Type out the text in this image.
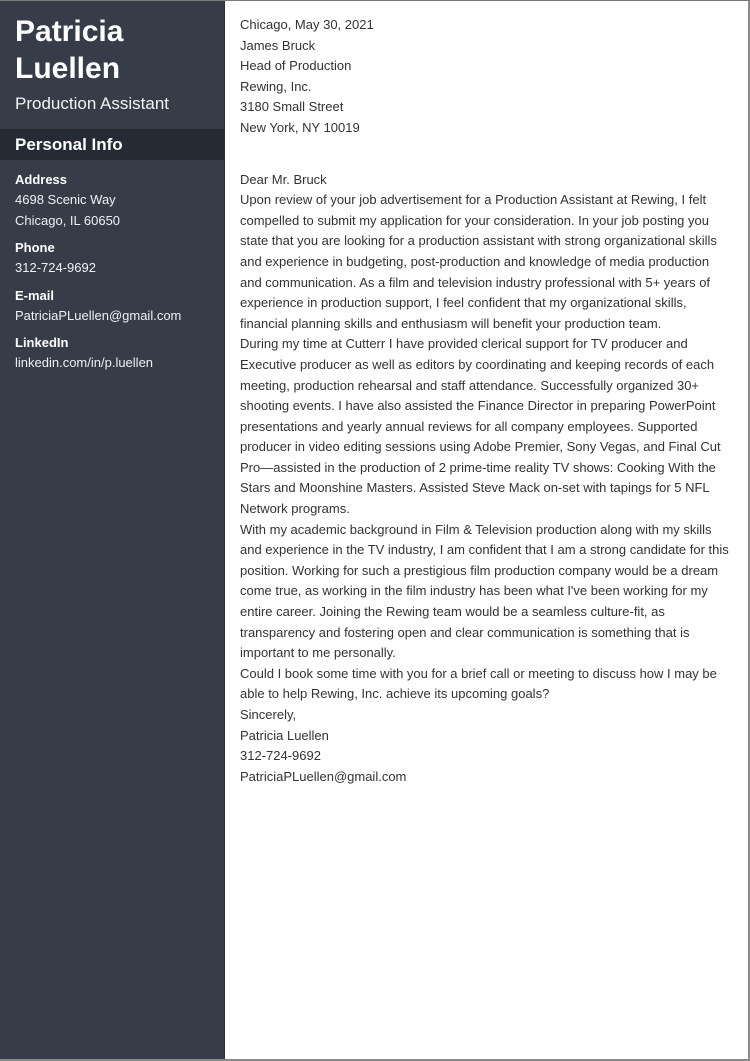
Patricia
Luellen
Production Assistant
Personal Info
Address
4698 Scenic Way
Chicago, IL 60650
Phone
312-724-9692
E-mail
PatriciaPLuellen@gmail.com
LinkedIn
linkedin.com/in/p.luellen

Chicago, May 30, 2021

James Bruck

Head of Production

Rewing, Inc.

3180 Small Street

New York, NY 10019

Dear Mr. Bruck

Upon review of your job advertisement for a Production Assistant at Rewing, I felt compelled to submit my application for your consideration. In your job posting you state that you are looking for a production assistant with strong organizational skills and experience in budgeting, post-production and knowledge of media production and communication. As a film and television industry professional with 5+ years of experience in production support, I feel confident that my organizational skills, financial planning skills and enthusiasm will benefit your production team.

During my time at Cutterr I have provided clerical support for TV producer and Executive producer as well as editors by coordinating and keeping records of each meeting, production rehearsal and staff attendance. Successfully organized 30+ shooting events. I have also assisted the Finance Director in preparing PowerPoint presentations and yearly annual reviews for all company employees. Supported producer in video editing sessions using Adobe Premier, Sony Vegas, and Final Cut Pro—assisted in the production of 2 prime-time reality TV shows: Cooking With the Stars and Moonshine Masters. Assisted Steve Mack on-set with tapings for 5 NFL Network programs.

With my academic background in Film & Television production along with my skills and experience in the TV industry, I am confident that I am a strong candidate for this position. Working for such a prestigious film production company would be a dream come true, as working in the film industry has been what I've been working for my entire career. Joining the Rewing team would be a seamless culture-fit, as transparency and fostering open and clear communication is something that is important to me personally.

Could I book some time with you for a brief call or meeting to discuss how I may be able to help Rewing, Inc. achieve its upcoming goals?

Sincerely,

Patricia Luellen

312-724-9692

PatriciaPLuellen@gmail.com
